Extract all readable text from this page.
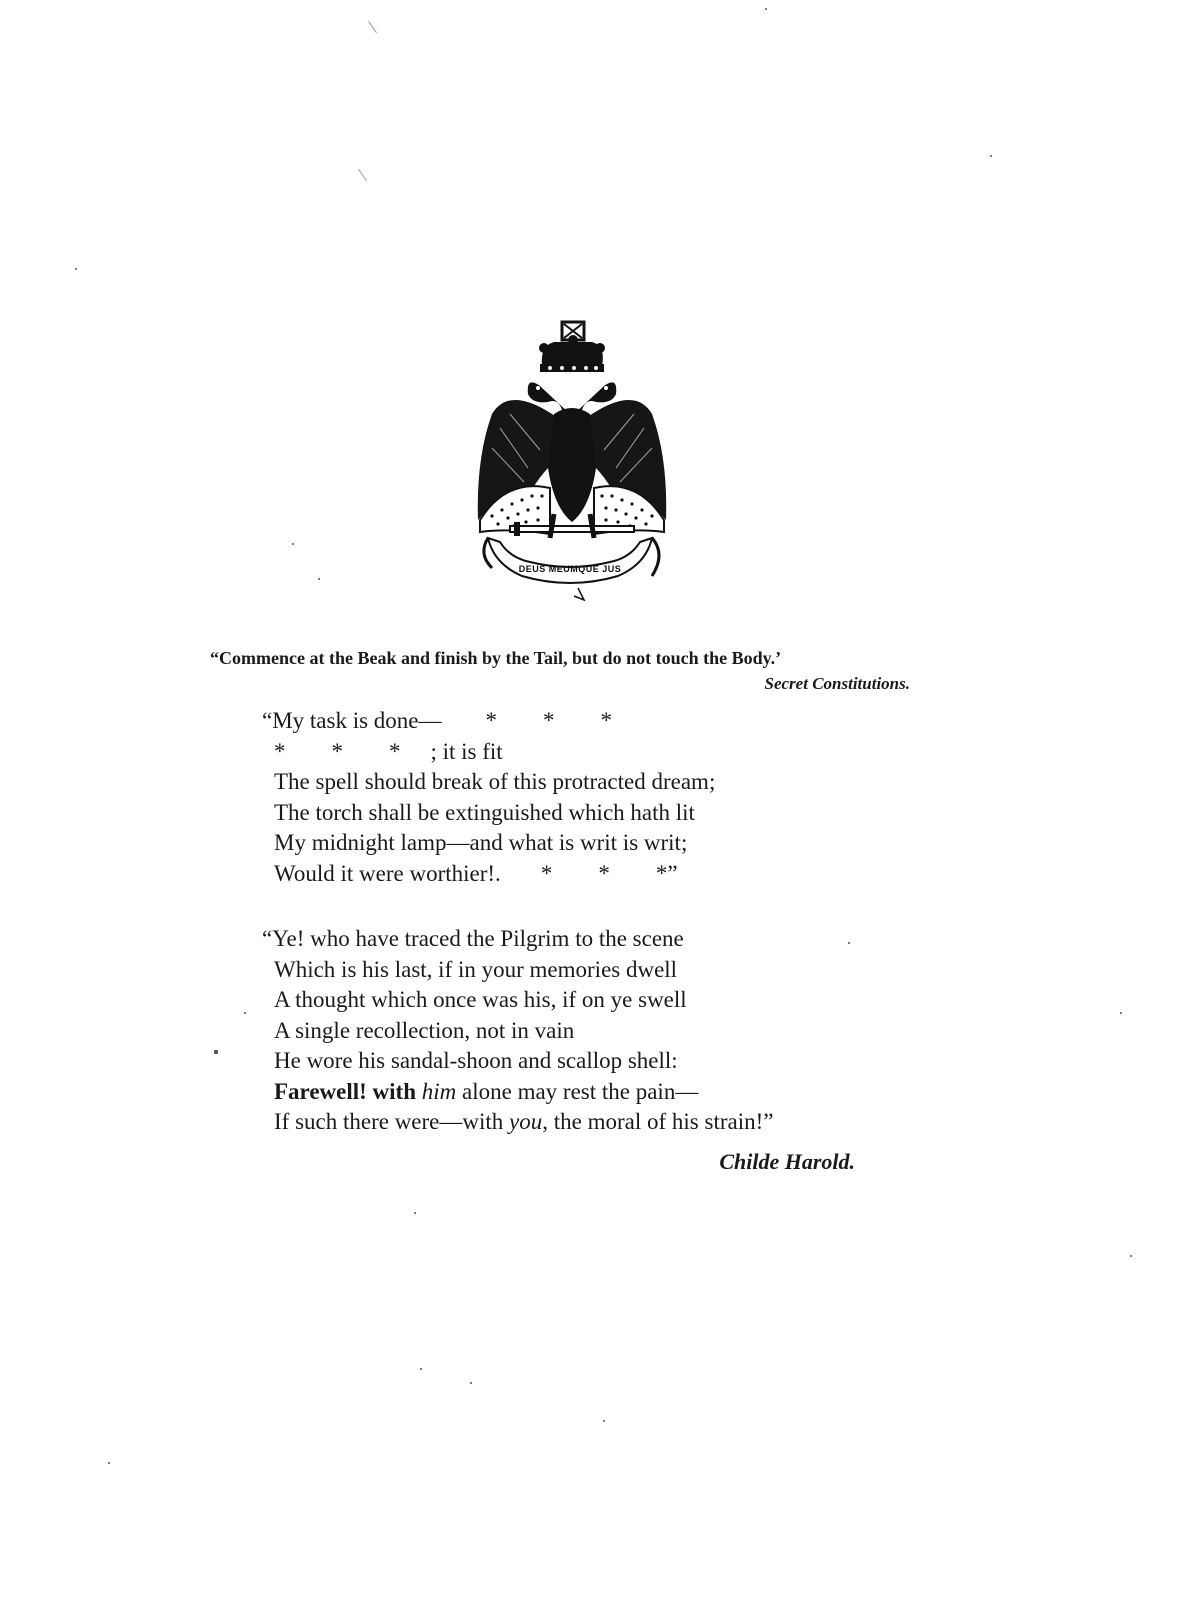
DEUS MEUMQUE JUS
“Commence at the Beak and finish by the Tail, but do not touch the Body.’
Secret Constitutions.
“My task is done— *        *        *
*        *        * ; it is fit
The spell should break of this protracted dream;
The torch shall be extinguished which hath lit
My midnight lamp—and what is writ is writ;
Would it were worthier!. *        *        *”
“Ye! who have traced the Pilgrim to the scene
Which is his last, if in your memories dwell
A thought which once was his, if on ye swell
A single recollection, not in vain
He wore his sandal-shoon and scallop shell:
Farewell! with him alone may rest the pain—
If such there were—with you, the moral of his strain!”
Childe Harold.
